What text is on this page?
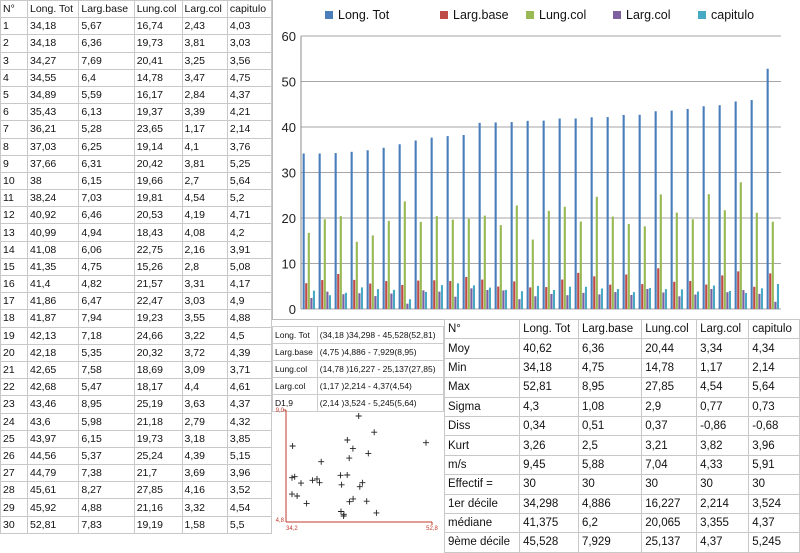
N°	Long. Tot	Larg.base	Lung.col	Larg.col	capitulo
1	34,18	5,67	16,74	2,43	4,03
2	34,18	6,36	19,73	3,81	3,03
3	34,27	7,69	20,41	3,25	3,56
4	34,55	6,4	14,78	3,47	4,75
5	34,89	5,59	16,17	2,84	4,37
6	35,43	6,13	19,37	3,39	4,21
7	36,21	5,28	23,65	1,17	2,14
8	37,03	6,25	19,14	4,1	3,76
9	37,66	6,31	20,42	3,81	5,25
10	38	6,15	19,66	2,7	5,64
11	38,24	7,03	19,81	4,54	5,2
12	40,92	6,46	20,53	4,19	4,71
13	40,99	4,94	18,43	4,08	4,2
14	41,08	6,06	22,75	2,16	3,91
15	41,35	4,75	15,26	2,8	5,08
16	41,4	4,82	21,57	3,31	4,17
17	41,86	6,47	22,47	3,03	4,9
18	41,87	7,94	19,23	3,55	4,88
19	42,13	7,18	24,66	3,22	4,5
20	42,18	5,35	20,32	3,72	4,39
21	42,65	7,58	18,69	3,09	3,71
22	42,68	5,47	18,17	4,4	4,61
23	43,46	8,95	25,19	3,63	4,37
24	43,6	5,98	21,18	2,79	4,32
25	43,97	6,15	19,73	3,18	3,85
26	44,56	5,37	25,24	4,39	5,15
27	44,79	7,38	21,7	3,69	3,96
28	45,61	8,27	27,85	4,16	3,52
29	45,92	4,88	21,16	3,32	4,54
30	52,81	7,83	19,19	1,58	5,5
0
10
20
30
40
50
60
Long. Tot	Larg.base Lung.col	Larg.col	capitulo
Long. Tot	(34,18 )34,298 - 45,528(52,81)
Larg.base	(4,75 )4,886 - 7,929(8,95)
Lung.col	(14,78 )16,227 - 25,137(27,85)
Larg.col	(1,17 )2,214 - 4,37(4,54)
D1,9	(2,14 )3,524 - 5,245(5,64)
9,0
4,8
34,2	52,8
N°	Long. Tot	Larg.base	Lung.col	Larg.col	capitulo
Moy	40,62	6,36	20,44	3,34	4,34
Min	34,18	4,75	14,78	1,17	2,14
Max	52,81	8,95	27,85	4,54	5,64
Sigma	4,3	1,08	2,9	0,77	0,73
Diss	0,34	0,51	0,37	-0,86	-0,68
Kurt	3,26	2,5	3,21	3,82	3,96
m/s	9,45	5,88	7,04	4,33	5,91
Effectif =	30	30	30	30	30
1er décile	34,298	4,886	16,227	2,214	3,524
médiane	41,375	6,2	20,065	3,355	4,37
9ème décile	45,528	7,929	25,137	4,37	5,245
